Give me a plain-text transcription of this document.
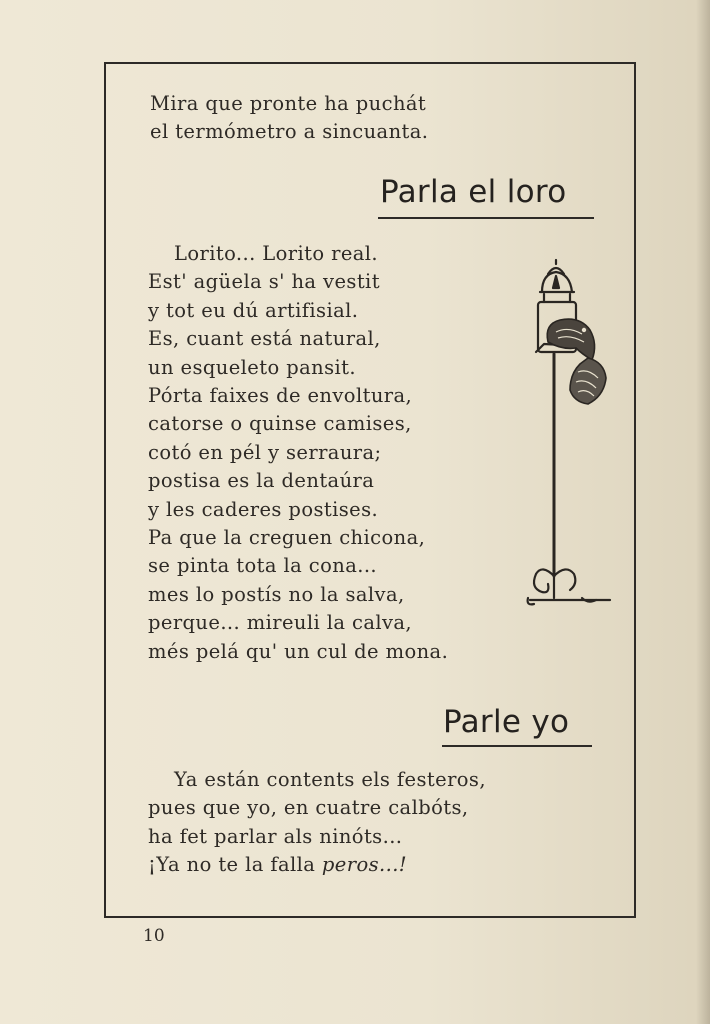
Mira que pronte ha puchát
el termómetro a sincuanta.
Parla el loro
Lorito... Lorito real.
Est' agüela s' ha vestit
y tot eu dú artifisial.
Es, cuant está natural,
un esqueleto pansit.
Pórta faixes de envoltura,
catorse o quinse camises,
cotó en pél y serraura;
postisa es la dentaúra
y les caderes postises.
Pa que la creguen chicona,
se pinta tota la cona...
mes lo postís no la salva,
perque... mireuli la calva,
més pelá qu' un cul de mona.
Parle yo
Ya están contents els festeros,
pues que yo, en cuatre calbóts,
ha fet parlar als ninóts...
¡Ya no te la falla peros...!
10
